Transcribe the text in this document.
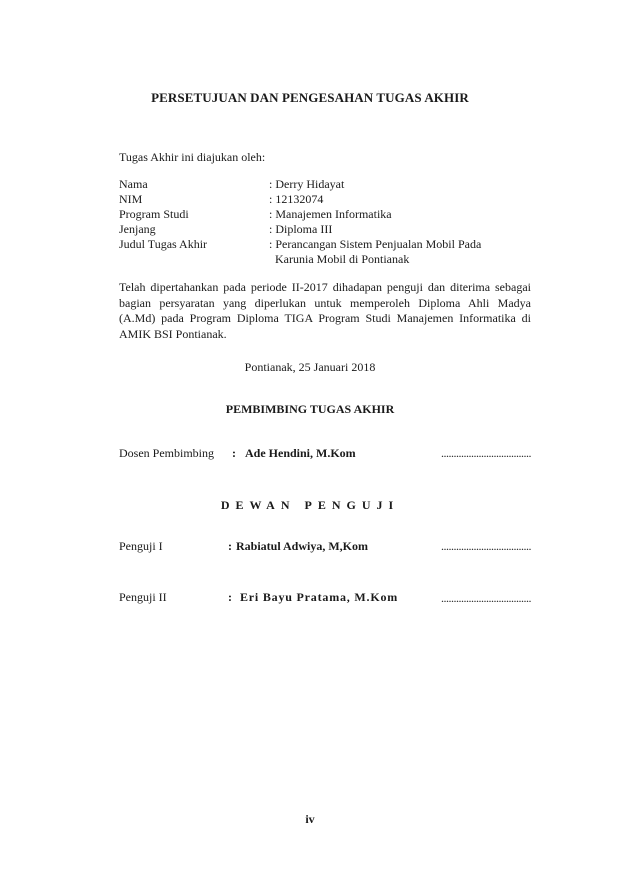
PERSETUJUAN DAN PENGESAHAN TUGAS AKHIR
Tugas Akhir ini diajukan oleh:
Nama	: Derry Hidayat
NIM	: 12132074
Program Studi	: Manajemen Informatika
Jenjang	: Diploma III
Judul Tugas Akhir	: Perancangan Sistem Penjualan Mobil Pada
Karunia Mobil di Pontianak
Telah dipertahankan pada periode II-2017 dihadapan penguji dan diterima sebagai
bagian persyaratan yang diperlukan untuk memperoleh Diploma Ahli Madya
(A.Md) pada Program Diploma TIGA Program Studi Manajemen Informatika di
AMIK BSI Pontianak.
Pontianak, 25 Januari 2018
PEMBIMBING TUGAS AKHIR
Dosen Pembimbing : Ade Hendini, M.Kom	....................................
DEWAN PENGUJI
Penguji I	: Rabiatul Adwiya, M,Kom	....................................
Penguji II	: Eri Bayu Pratama, M.Kom	....................................
iv
